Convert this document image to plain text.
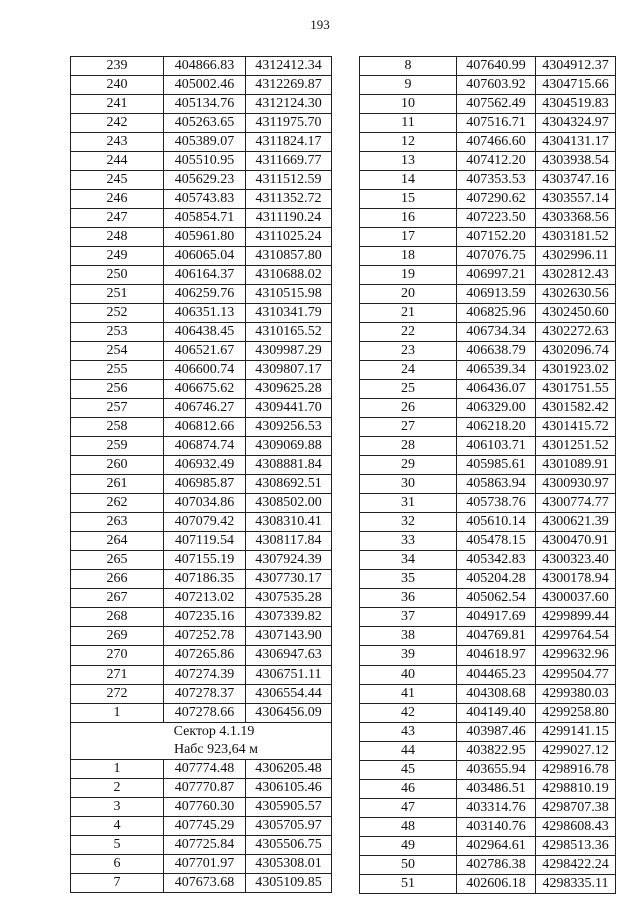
193
239	404866.83	4312412.34
240	405002.46	4312269.87
241	405134.76	4312124.30
242	405263.65	4311975.70
243	405389.07	4311824.17
244	405510.95	4311669.77
245	405629.23	4311512.59
246	405743.83	4311352.72
247	405854.71	4311190.24
248	405961.80	4311025.24
249	406065.04	4310857.80
250	406164.37	4310688.02
251	406259.76	4310515.98
252	406351.13	4310341.79
253	406438.45	4310165.52
254	406521.67	4309987.29
255	406600.74	4309807.17
256	406675.62	4309625.28
257	406746.27	4309441.70
258	406812.66	4309256.53
259	406874.74	4309069.88
260	406932.49	4308881.84
261	406985.87	4308692.51
262	407034.86	4308502.00
263	407079.42	4308310.41
264	407119.54	4308117.84
265	407155.19	4307924.39
266	407186.35	4307730.17
267	407213.02	4307535.28
268	407235.16	4307339.82
269	407252.78	4307143.90
270	407265.86	4306947.63
271	407274.39	4306751.11
272	407278.37	4306554.44
1	407278.66	4306456.09
Сектор 4.1.19		
Набс 923,64 м		
1	407774.48	4306205.48
2	407770.87	4306105.46
3	407760.30	4305905.57
4	407745.29	4305705.97
5	407725.84	4305506.75
6	407701.97	4305308.01
7	407673.68	4305109.85
8	407640.99	4304912.37
9	407603.92	4304715.66
10	407562.49	4304519.83
11	407516.71	4304324.97
12	407466.60	4304131.17
13	407412.20	4303938.54
14	407353.53	4303747.16
15	407290.62	4303557.14
16	407223.50	4303368.56
17	407152.20	4303181.52
18	407076.75	4302996.11
19	406997.21	4302812.43
20	406913.59	4302630.56
21	406825.96	4302450.60
22	406734.34	4302272.63
23	406638.79	4302096.74
24	406539.34	4301923.02
25	406436.07	4301751.55
26	406329.00	4301582.42
27	406218.20	4301415.72
28	406103.71	4301251.52
29	405985.61	4301089.91
30	405863.94	4300930.97
31	405738.76	4300774.77
32	405610.14	4300621.39
33	405478.15	4300470.91
34	405342.83	4300323.40
35	405204.28	4300178.94
36	405062.54	4300037.60
37	404917.69	4299899.44
38	404769.81	4299764.54
39	404618.97	4299632.96
40	404465.23	4299504.77
41	404308.68	4299380.03
42	404149.40	4299258.80
43	403987.46	4299141.15
44	403822.95	4299027.12
45	403655.94	4298916.78
46	403486.51	4298810.19
47	403314.76	4298707.38
48	403140.76	4298608.43
49	402964.61	4298513.36
50	402786.38	4298422.24
51	402606.18	4298335.11
